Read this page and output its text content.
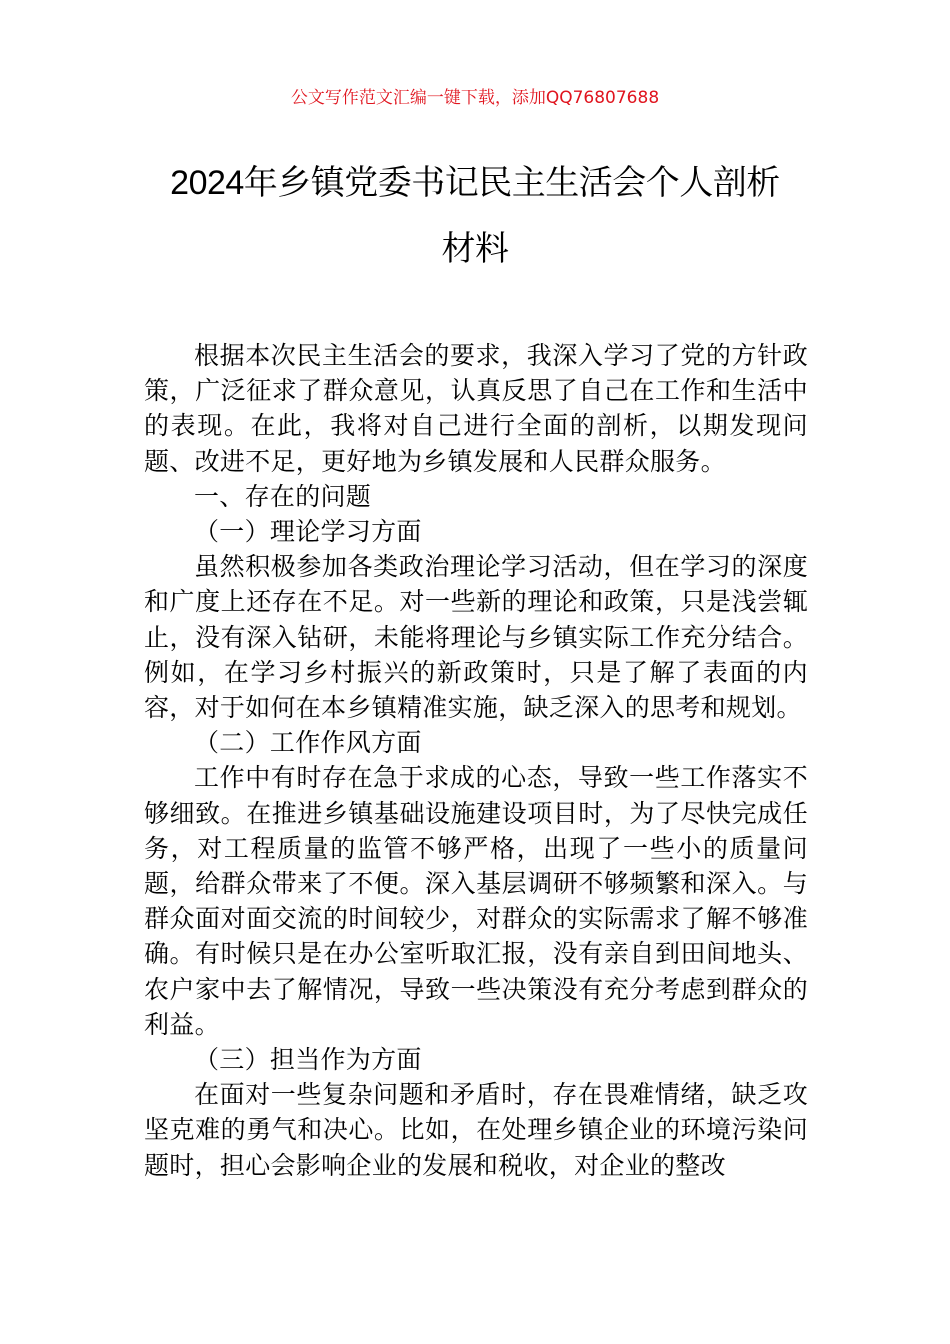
公文写作范文汇编一键下载，添加QQ76807688
2024年乡镇党委书记民主生活会个人剖析
材料

根据本次民主生活会的要求，我深入学习了党的方针政策，广泛征求了群众意见，认真反思了自己在工作和生活中的表现。在此，我将对自己进行全面的剖析，以期发现问题、改进不足，更好地为乡镇发展和人民群众服务。

一、存在的问题

（一）理论学习方面

虽然积极参加各类政治理论学习活动，但在学习的深度和广度上还存在不足。对一些新的理论和政策，只是浅尝辄止，没有深入钻研，未能将理论与乡镇实际工作充分结合。例如，在学习乡村振兴的新政策时，只是了解了表面的内容，对于如何在本乡镇精准实施，缺乏深入的思考和规划。

（二）工作作风方面

工作中有时存在急于求成的心态，导致一些工作落实不够细致。在推进乡镇基础设施建设项目时，为了尽快完成任务，对工程质量的监管不够严格，出现了一些小的质量问题，给群众带来了不便。深入基层调研不够频繁和深入。与群众面对面交流的时间较少，对群众的实际需求了解不够准确。有时候只是在办公室听取汇报，没有亲自到田间地头、农户家中去了解情况，导致一些决策没有充分考虑到群众的利益。

（三）担当作为方面

在面对一些复杂问题和矛盾时，存在畏难情绪，缺乏攻坚克难的勇气和决心。比如，在处理乡镇企业的环境污染问题时，担心会影响企业的发展和税收，对企业的整改
